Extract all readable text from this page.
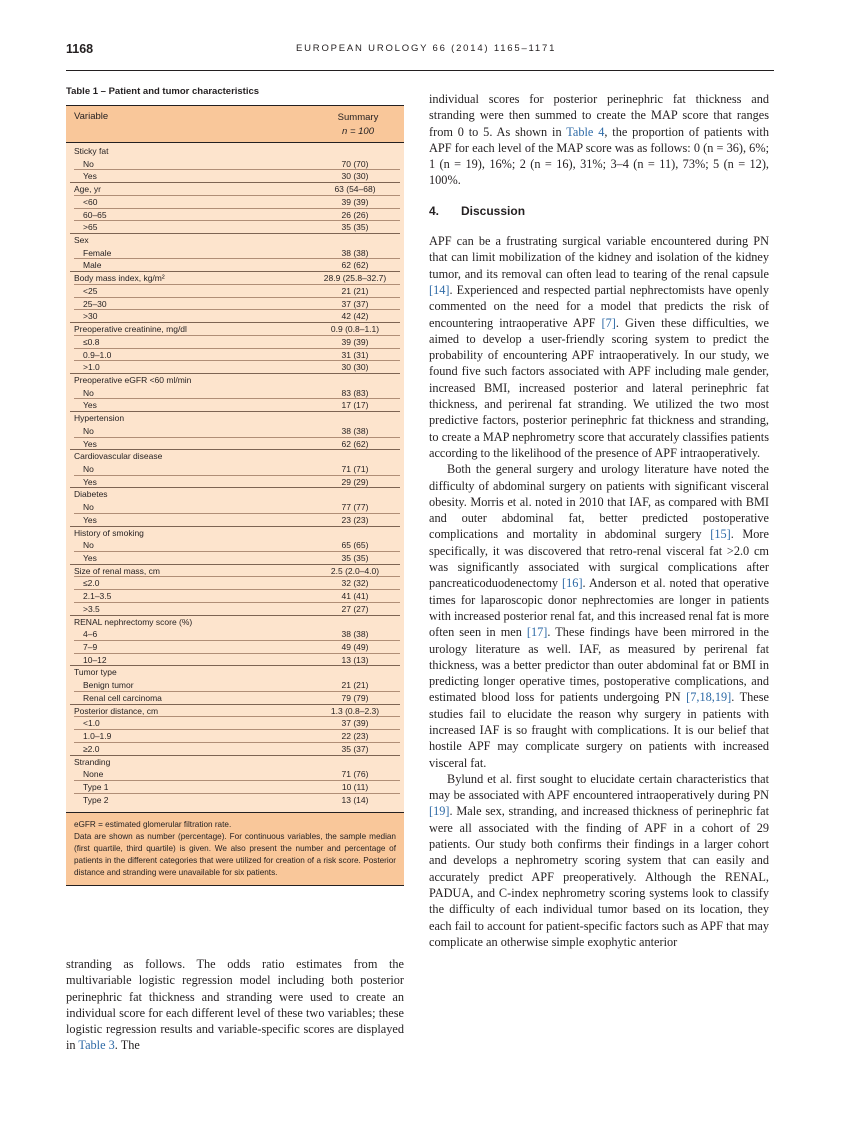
1168	EUROPEAN UROLOGY 66 (2014) 1165–1171
Table 1 – Patient and tumor characteristics
Variable	Summary
n = 100
Sticky fat
No	70 (70)
Yes	30 (30)
Age, yr	63 (54–68)
<60	39 (39)
60–65	26 (26)
>65	35 (35)
Sex
Female	38 (38)
Male	62 (62)
Body mass index, kg/m²	28.9 (25.8–32.7)
<25	21 (21)
25–30	37 (37)
>30	42 (42)
Preoperative creatinine, mg/dl	0.9 (0.8–1.1)
≤0.8	39 (39)
0.9–1.0	31 (31)
>1.0	30 (30)
Preoperative eGFR <60 ml/min
No	83 (83)
Yes	17 (17)
Hypertension
No	38 (38)
Yes	62 (62)
Cardiovascular disease
No	71 (71)
Yes	29 (29)
Diabetes
No	77 (77)
Yes	23 (23)
History of smoking
No	65 (65)
Yes	35 (35)
Size of renal mass, cm	2.5 (2.0–4.0)
≤2.0	32 (32)
2.1–3.5	41 (41)
>3.5	27 (27)
RENAL nephrectomy score (%)
4–6	38 (38)
7–9	49 (49)
10–12	13 (13)
Tumor type
Benign tumor	21 (21)
Renal cell carcinoma	79 (79)
Posterior distance, cm	1.3 (0.8–2.3)
<1.0	37 (39)
1.0–1.9	22 (23)
≥2.0	35 (37)
Stranding
None	71 (76)
Type 1	10 (11)
Type 2	13 (14)
eGFR = estimated glomerular filtration rate.
Data are shown as number (percentage). For continuous variables, the sample median (first quartile, third quartile) is given. We also present the number and percentage of patients in the different categories that were utilized for creation of a risk score. Posterior distance and stranding were unavailable for six patients.

stranding as follows. The odds ratio estimates from the multivariable logistic regression model including both posterior perinephric fat thickness and stranding were used to create an individual score for each different level of these two variables; these logistic regression results and variable-specific scores are displayed in Table 3. The

individual scores for posterior perinephric fat thickness and stranding were then summed to create the MAP score that ranges from 0 to 5. As shown in Table 4, the proportion of patients with APF for each level of the MAP score was as follows: 0 (n = 36), 6%; 1 (n = 19), 16%; 2 (n = 16), 31%; 3–4 (n = 11), 73%; 5 (n = 12), 100%.

4. Discussion

APF can be a frustrating surgical variable encountered during PN that can limit mobilization of the kidney and isolation of the kidney tumor, and its removal can often lead to tearing of the renal capsule [14]. Experienced and respected partial nephrectomists have openly commented on the need for a model that predicts the risk of encountering intraoperative APF [7]. Given these difficulties, we aimed to develop a user-friendly scoring system to predict the probability of encountering APF intraoperatively. In our study, we found five such factors associated with APF including male gender, increased BMI, increased posterior and lateral perinephric fat thickness, and perirenal fat stranding. We utilized the two most predictive factors, posterior perinephric fat thickness and stranding, to create a MAP nephrometry score that accurately classifies patients according to the likelihood of the presence of APF intraoperatively.

Both the general surgery and urology literature have noted the difficulty of abdominal surgery on patients with significant visceral obesity. Morris et al. noted in 2010 that IAF, as compared with BMI and outer abdominal fat, better predicted postoperative complications and mortality in abdominal surgery [15]. More specifically, it was discovered that retro-renal visceral fat >2.0 cm was significantly associated with surgical complications after pancreaticoduodenectomy [16]. Anderson et al. noted that operative times for laparoscopic donor nephrectomies are longer in patients with increased posterior renal fat, and this increased renal fat is more often seen in men [17]. These findings have been mirrored in the urology literature as well. IAF, as measured by perirenal fat thickness, was a better predictor than outer abdominal fat or BMI in predicting longer operative times, postoperative complications, and estimated blood loss for patients undergoing PN [7,18,19]. These studies fail to elucidate the reason why surgery in patients with increased IAF is so fraught with complications. It is our belief that hostile APF may complicate surgery on patients with increased visceral fat.

Bylund et al. first sought to elucidate certain characteristics that may be associated with APF encountered intraoperatively during PN [19]. Male sex, stranding, and increased thickness of perinephric fat were all associated with the finding of APF in a cohort of 29 patients. Our study both confirms their findings in a larger cohort and develops a nephrometry scoring system that can easily and accurately predict APF preoperatively. Although the RENAL, PADUA, and C-index nephrometry scoring systems look to classify the difficulty of each individual tumor based on its location, they each fail to account for patient-specific factors such as APF that may complicate an otherwise simple exophytic anterior
